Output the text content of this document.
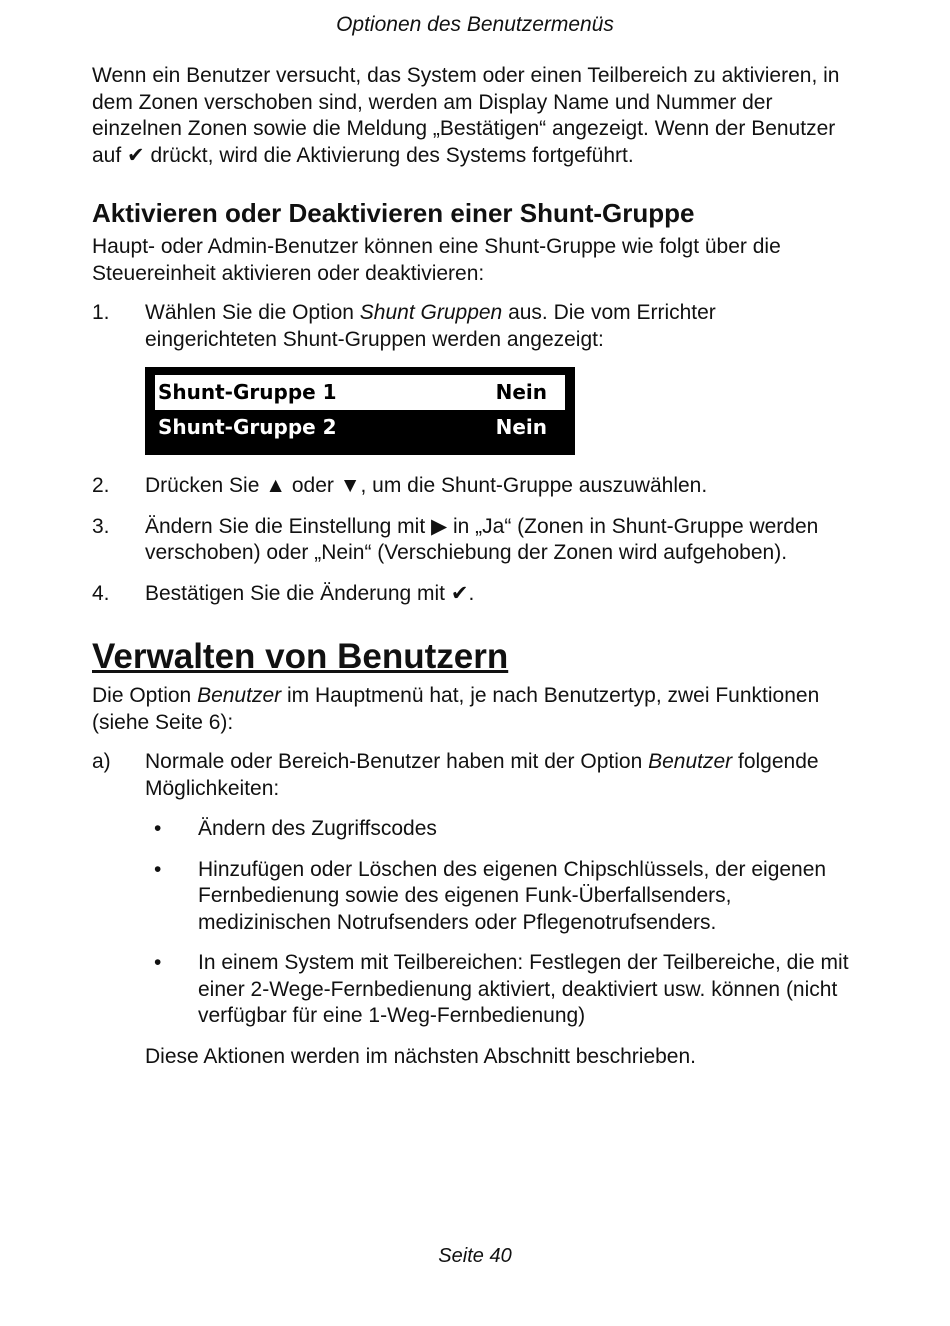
Optionen des Benutzermenüs

Wenn ein Benutzer versucht, das System oder einen Teilbereich zu aktivieren, in dem Zonen verschoben sind, werden am Display Name und Nummer der einzelnen Zonen sowie die Meldung „Bestätigen“ angezeigt. Wenn der Benutzer auf ✔ drückt, wird die Aktivierung des Systems fortgeführt.

Aktivieren oder Deaktivieren einer Shunt-Gruppe

Haupt- oder Admin-Benutzer können eine Shunt-Gruppe wie folgt über die Steuereinheit aktivieren oder deaktivieren:

1.	Wählen Sie die Option Shunt Gruppen aus. Die vom Errichter eingerichteten Shunt-Gruppen werden angezeigt:
Shunt-Gruppe 1	Nein
Shunt-Gruppe 2	Nein
2.	Drücken Sie ▲ oder ▼, um die Shunt-Gruppe auszuwählen.
3.	Ändern Sie die Einstellung mit ▶ in „Ja“ (Zonen in Shunt-Gruppe werden verschoben) oder „Nein“ (Verschiebung der Zonen wird aufgehoben).
4.	Bestätigen Sie die Änderung mit ✔.
Verwalten von Benutzern

Die Option Benutzer im Hauptmenü hat, je nach Benutzertyp, zwei Funktionen (siehe Seite 6):

a)	Normale oder Bereich-Benutzer haben mit der Option Benutzer folgende Möglichkeiten:
•	Ändern des Zugriffscodes
•	Hinzufügen oder Löschen des eigenen Chipschlüssels, der eigenen Fernbedienung sowie des eigenen Funk-Überfallsenders, medizinischen Notrufsenders oder Pflegenotrufsenders.
•	In einem System mit Teilbereichen: Festlegen der Teilbereiche, die mit einer 2-Wege-Fernbedienung aktiviert, deaktiviert usw. können (nicht verfügbar für eine 1-Weg-Fernbedienung)

Diese Aktionen werden im nächsten Abschnitt beschrieben.

Seite 40
